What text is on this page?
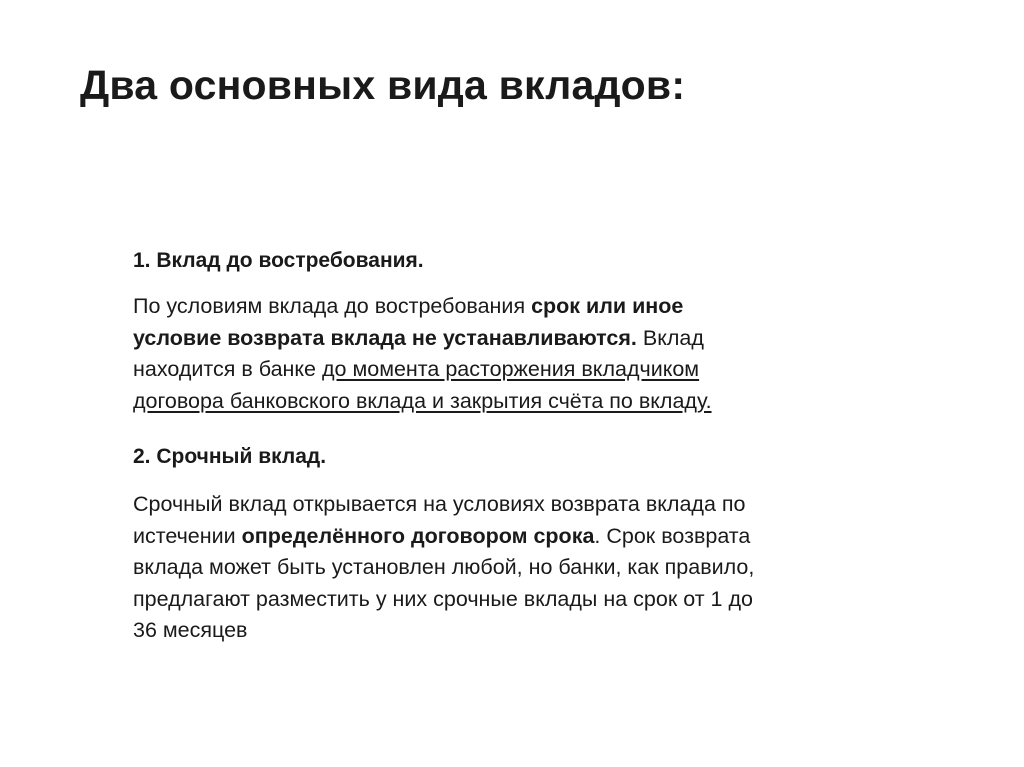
Два основных вида вкладов:
1. Вклад до востребования.

По условиям вклада до востребования срок или иное условие возврата вклада не устанавливаются. Вклад находится в банке до момента расторжения вкладчиком договора банковского вклада и закрытия счёта по вкладу.

2. Срочный вклад.

Срочный вклад открывается на условиях возврата вклада по истечении определённого договором срока. Срок возврата вклада может быть установлен любой, но банки, как правило, предлагают разместить у них срочные вклады на срок от 1 до 36 месяцев
